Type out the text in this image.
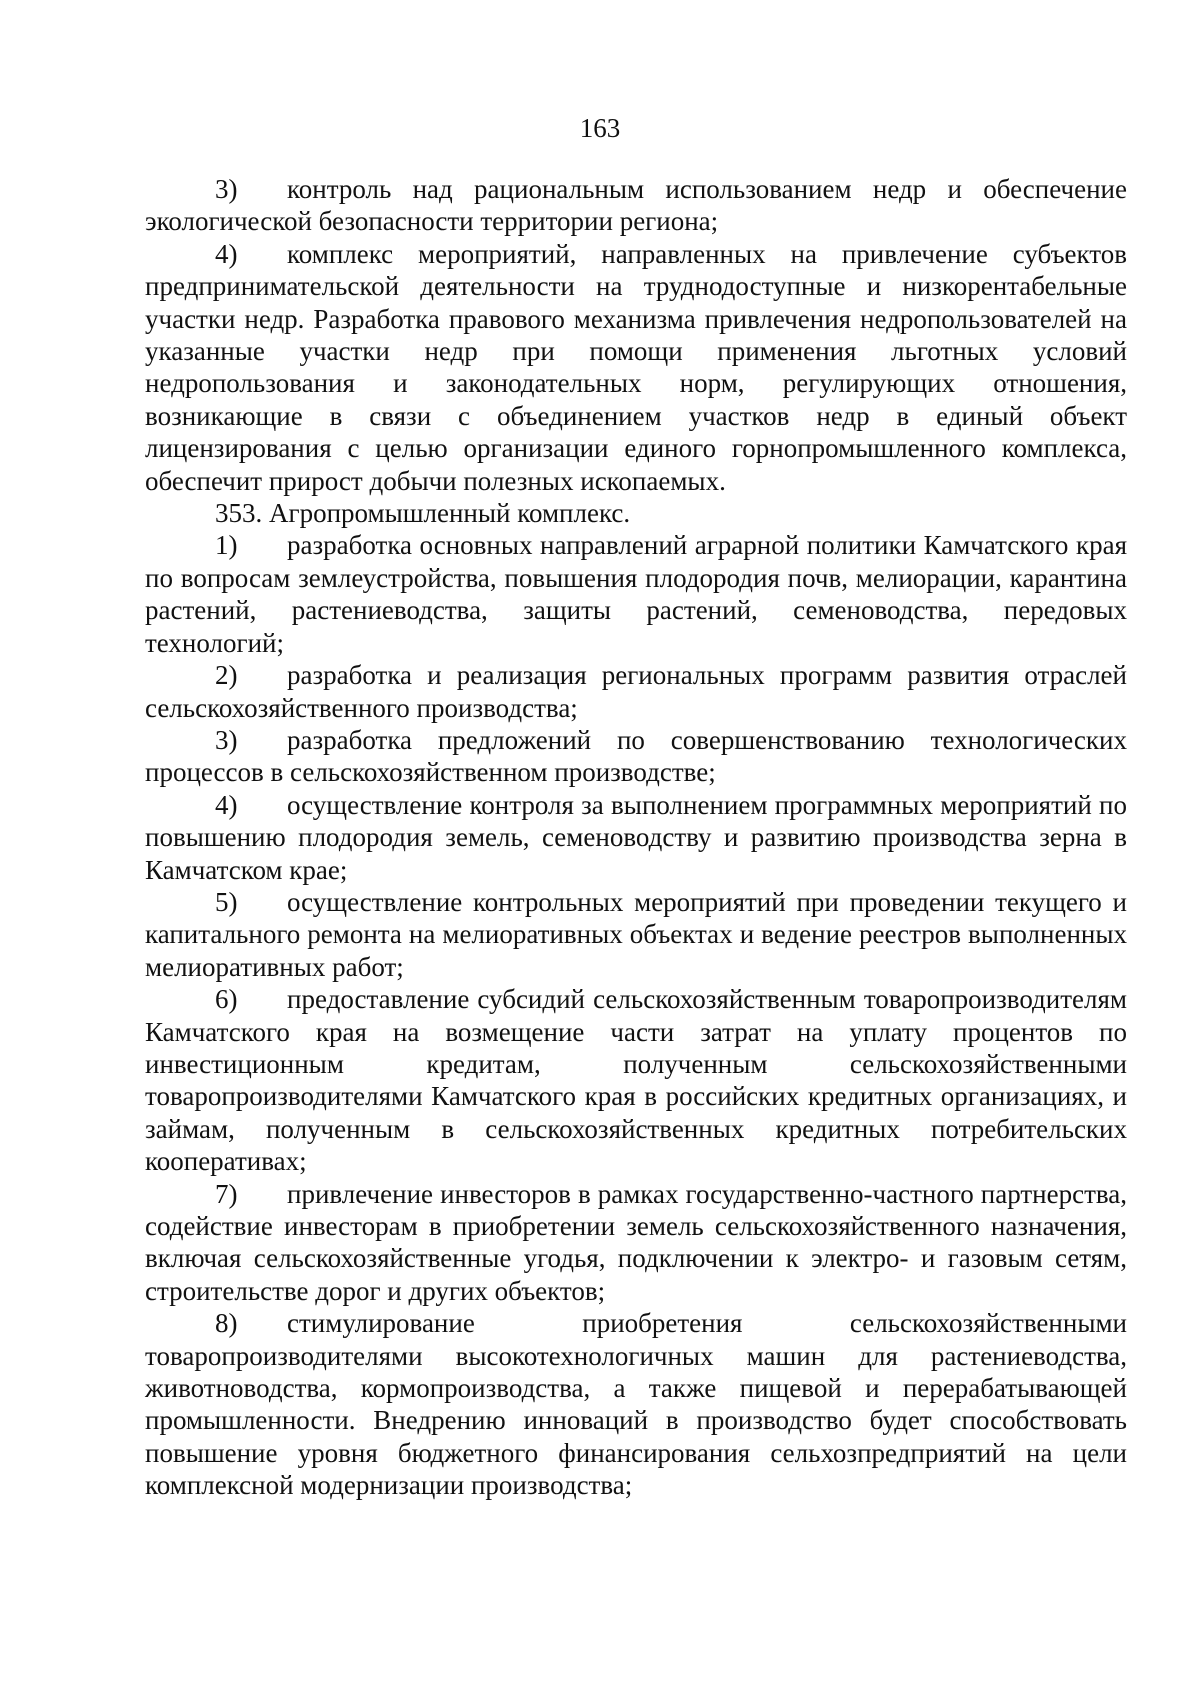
163

3) контроль над рациональным использованием недр и обеспечение экологической безопасности территории региона;

4) комплекс мероприятий, направленных на привлечение субъектов предпринимательской деятельности на труднодоступные и низкорентабельные участки недр. Разработка правового механизма привлечения недропользователей на указанные участки недр при помощи применения льготных условий недропользования и законодательных норм, регулирующих отношения, возникающие в связи с объединением участков недр в единый объект лицензирования с целью организации единого горнопромышленного комплекса, обеспечит прирост добычи полезных ископаемых.

353. Агропромышленный комплекс.

1) разработка основных направлений аграрной политики Камчатского края по вопросам землеустройства, повышения плодородия почв, мелиорации, карантина растений, растениеводства, защиты растений, семеноводства, передовых технологий;

2) разработка и реализация региональных программ развития отраслей сельскохозяйственного производства;

3) разработка предложений по совершенствованию технологических процессов в сельскохозяйственном производстве;

4) осуществление контроля за выполнением программных мероприятий по повышению плодородия земель, семеноводству и развитию производства зерна в Камчатском крае;

5) осуществление контрольных мероприятий при проведении текущего и капитального ремонта на мелиоративных объектах и ведение реестров выполненных мелиоративных работ;

6) предоставление субсидий сельскохозяйственным товаропроизводителям Камчатского края на возмещение части затрат на уплату процентов по инвестиционным кредитам, полученным сельскохозяйственными товаропроизводителями Камчатского края в российских кредитных организациях, и займам, полученным в сельскохозяйственных кредитных потребительских кооперативах;

7) привлечение инвесторов в рамках государственно-частного партнерства, содействие инвесторам в приобретении земель сельскохозяйственного назначения, включая сельскохозяйственные угодья, подключении к электро- и газовым сетям, строительстве дорог и других объектов;

8) стимулирование приобретения сельскохозяйственными товаропроизводителями высокотехнологичных машин для растениеводства, животноводства, кормопроизводства, а также пищевой и перерабатывающей промышленности. Внедрению инноваций в производство будет способствовать повышение уровня бюджетного финансирования сельхозпредприятий на цели комплексной модернизации производства;
